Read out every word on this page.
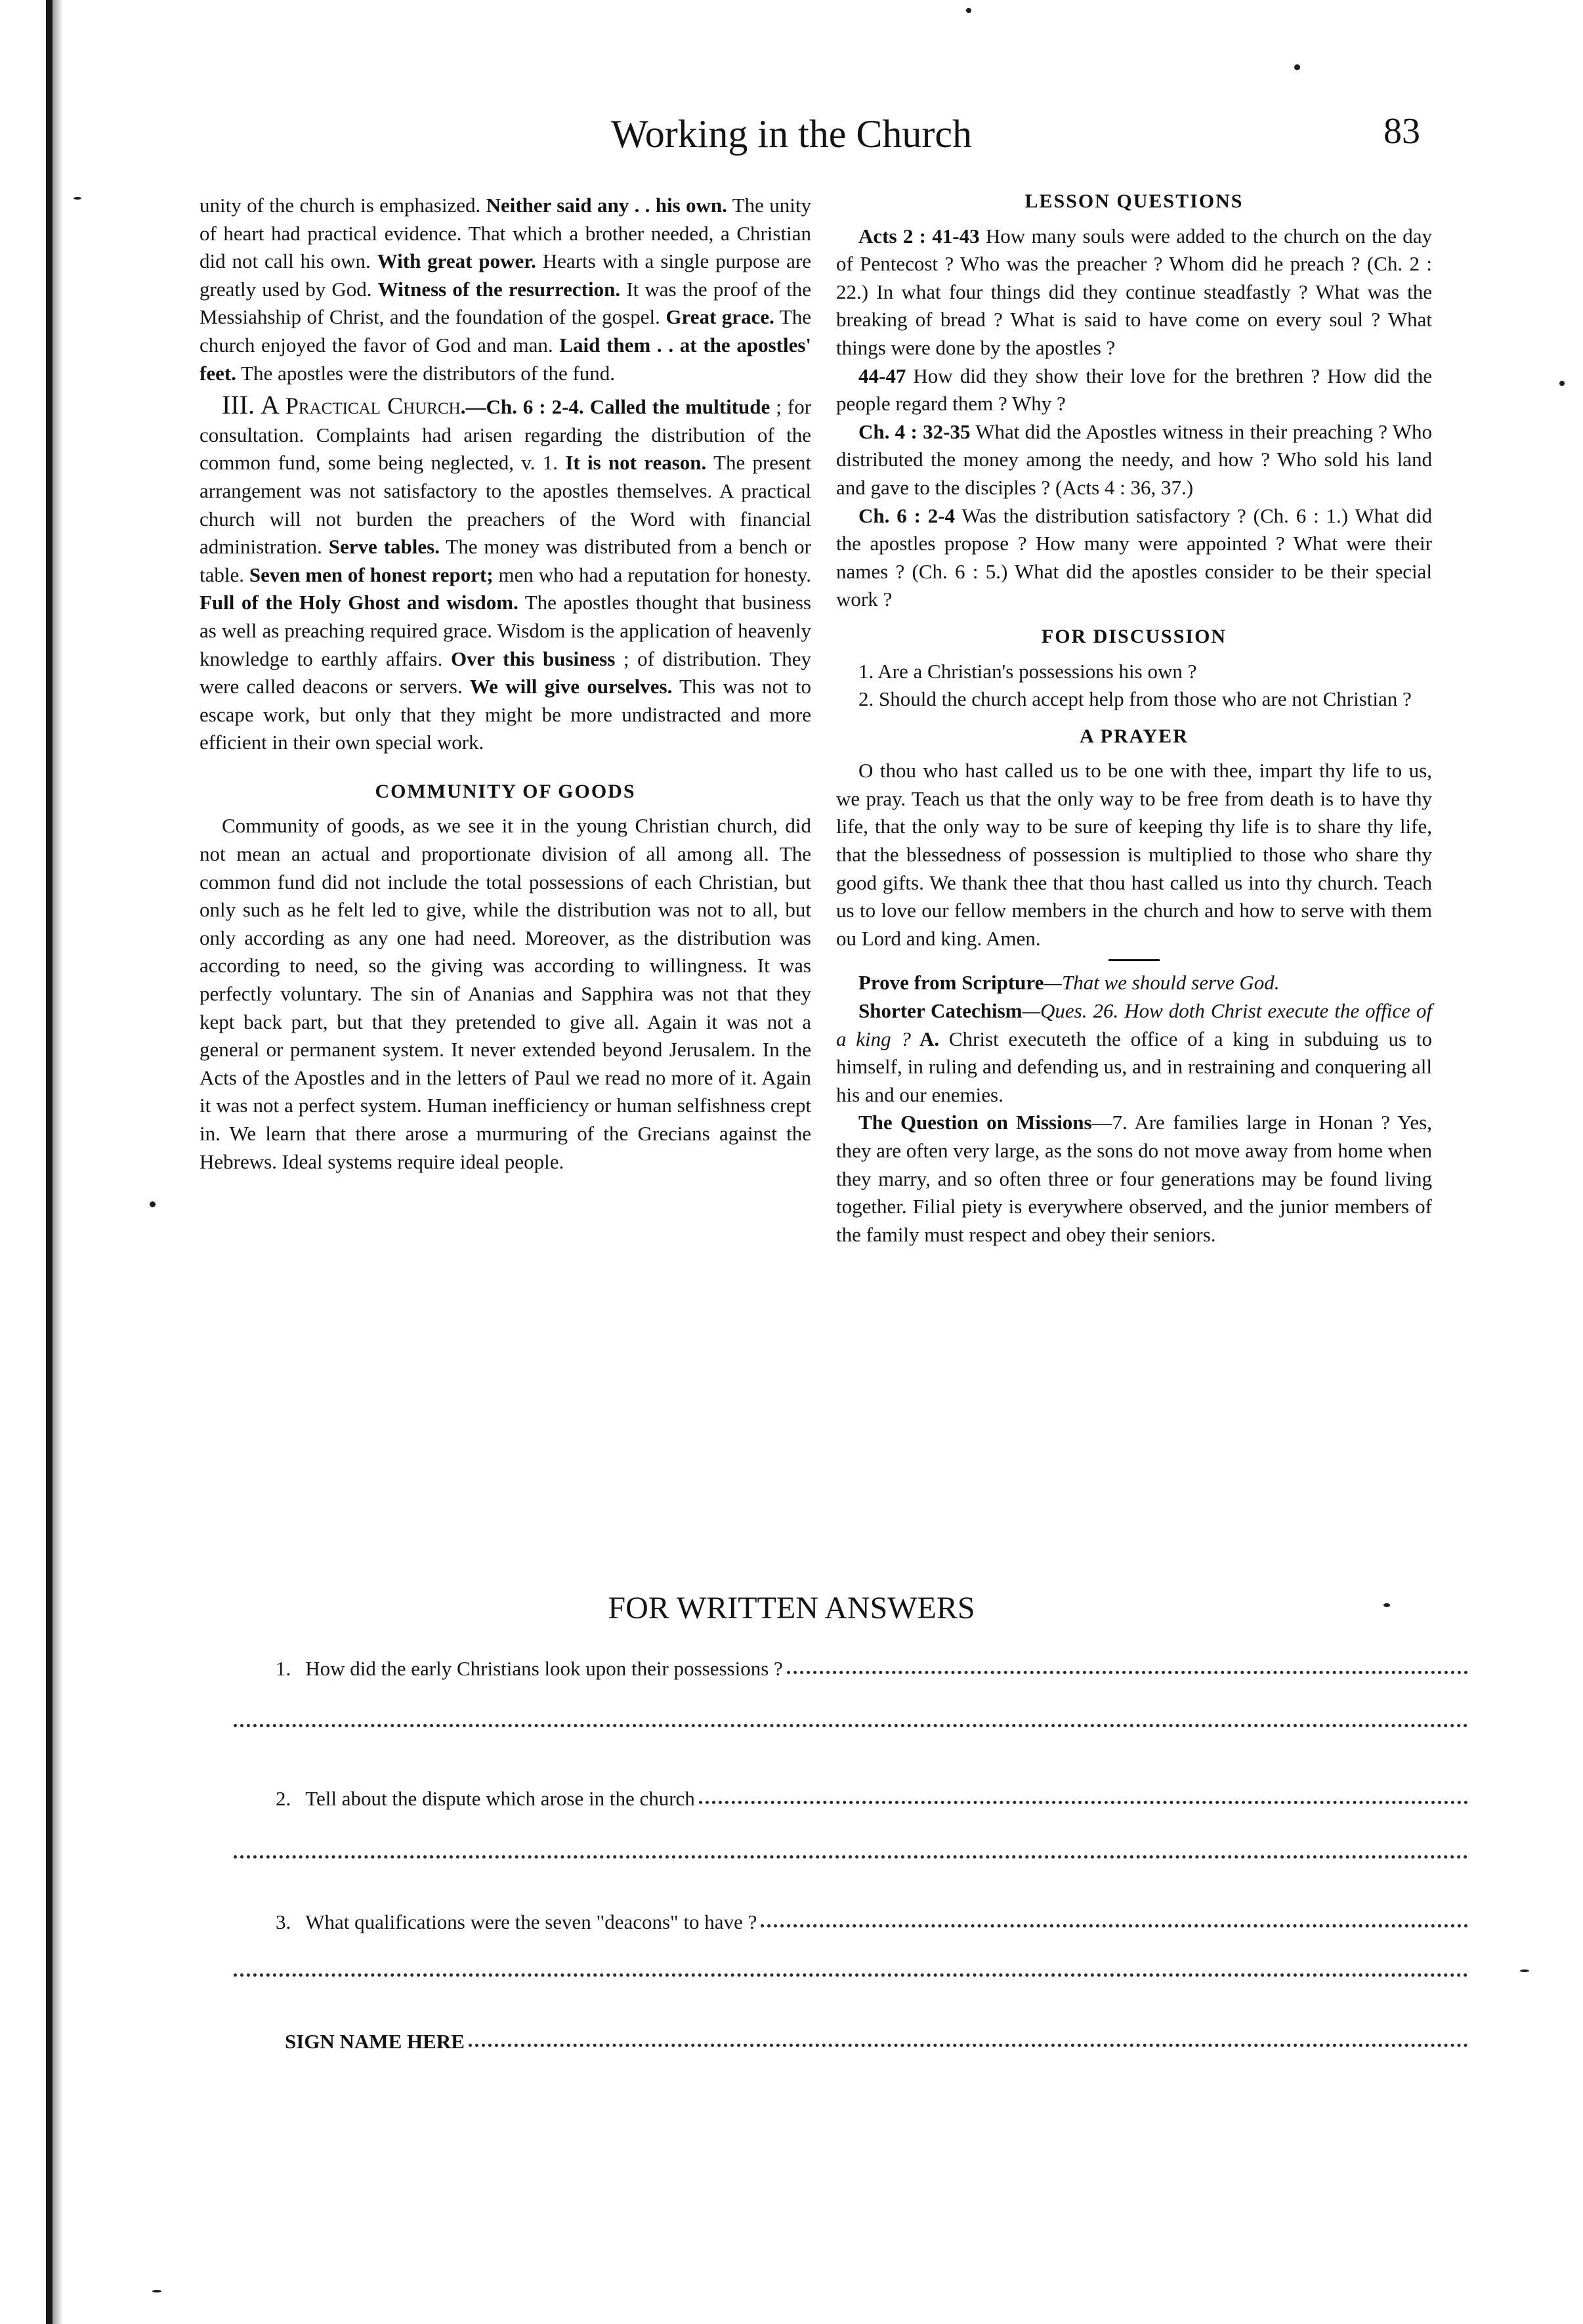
Working in the Church	83

unity of the church is emphasized. Neither said any . . his own. The unity of heart had practical evidence. That which a brother needed, a Christian did not call his own. With great power. Hearts with a single purpose are greatly used by God. Witness of the resurrection. It was the proof of the Messiahship of Christ, and the foundation of the gospel. Great grace. The church enjoyed the favor of God and man. Laid them . . at the apostles' feet. The apostles were the distributors of the fund.

III. A Practical Church.—Ch. 6 : 2-4. Called the multitude ; for consultation. Complaints had arisen regarding the distribution of the common fund, some being neglected, v. 1. It is not reason. The present arrangement was not satisfactory to the apostles themselves. A practical church will not burden the preachers of the Word with financial administration. Serve tables. The money was distributed from a bench or table. Seven men of honest report; men who had a reputation for honesty. Full of the Holy Ghost and wisdom. The apostles thought that business as well as preaching required grace. Wisdom is the application of heavenly knowledge to earthly affairs. Over this business ; of distribution. They were called deacons or servers. We will give ourselves. This was not to escape work, but only that they might be more undistracted and more efficient in their own special work.

COMMUNITY OF GOODS

Community of goods, as we see it in the young Christian church, did not mean an actual and proportionate division of all among all. The common fund did not include the total possessions of each Christian, but only such as he felt led to give, while the distribution was not to all, but only according as any one had need. Moreover, as the distribution was according to need, so the giving was according to willingness. It was perfectly voluntary. The sin of Ananias and Sapphira was not that they kept back part, but that they pretended to give all. Again it was not a general or permanent system. It never extended beyond Jerusalem. In the Acts of the Apostles and in the letters of Paul we read no more of it. Again it was not a perfect system. Human inefficiency or human selfishness crept in. We learn that there arose a murmuring of the Grecians against the Hebrews. Ideal systems require ideal people.

LESSON QUESTIONS

Acts 2 : 41-43 How many souls were added to the church on the day of Pentecost ? Who was the preacher ? Whom did he preach ? (Ch. 2 : 22.) In what four things did they continue steadfastly ? What was the breaking of bread ? What is said to have come on every soul ? What things were done by the apostles ?

44-47 How did they show their love for the brethren ? How did the people regard them ? Why ?

Ch. 4 : 32-35 What did the Apostles witness in their preaching ? Who distributed the money among the needy, and how ? Who sold his land and gave to the disciples ? (Acts 4 : 36, 37.)

Ch. 6 : 2-4 Was the distribution satisfactory ? (Ch. 6 : 1.) What did the apostles propose ? How many were appointed ? What were their names ? (Ch. 6 : 5.) What did the apostles consider to be their special work ?

FOR DISCUSSION

1. Are a Christian's possessions his own ?

2. Should the church accept help from those who are not Christian ?

A PRAYER

O thou who hast called us to be one with thee, impart thy life to us, we pray. Teach us that the only way to be free from death is to have thy life, that the only way to be sure of keeping thy life is to share thy life, that the blessedness of possession is multiplied to those who share thy good gifts. We thank thee that thou hast called us into thy church. Teach us to love our fellow members in the church and how to serve with them ou Lord and king. Amen.

Prove from Scripture—That we should serve God.

Shorter Catechism—Ques. 26. How doth Christ execute the office of a king ? A. Christ executeth the office of a king in subduing us to himself, in ruling and defending us, and in restraining and conquering all his and our enemies.

The Question on Missions—7. Are families large in Honan ? Yes, they are often very large, as the sons do not move away from home when they marry, and so often three or four generations may be found living together. Filial piety is everywhere observed, and the junior members of the family must respect and obey their seniors.

FOR WRITTEN ANSWERS
1. How did the early Christians look upon their possessions ?
2. Tell about the dispute which arose in the church
3. What qualifications were the seven "deacons" to have ?
SIGN NAME HERE
